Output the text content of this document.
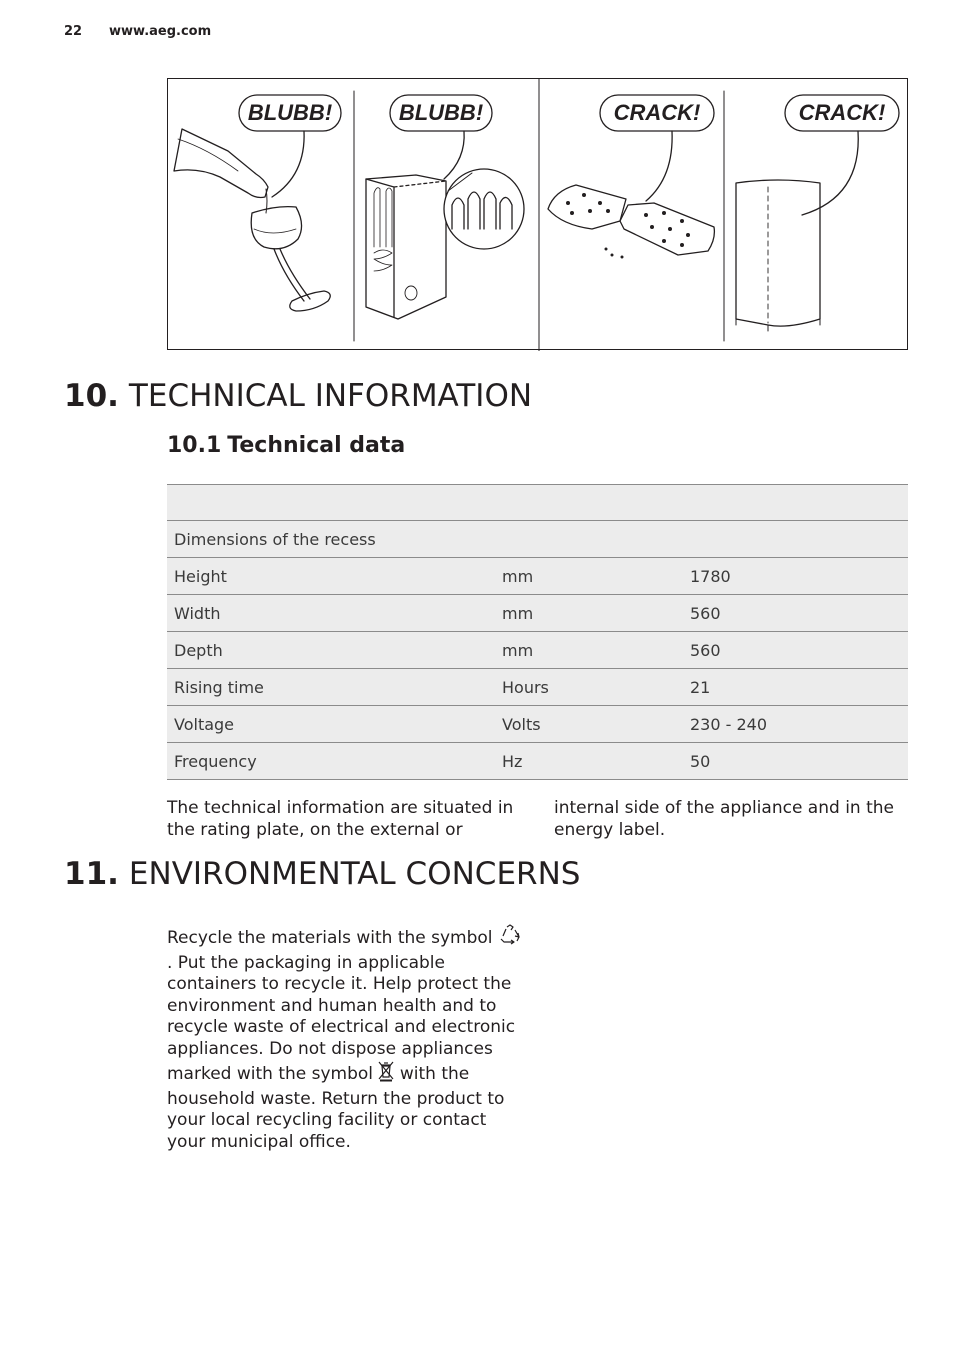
22 www.aeg.com
BLUBB!	BLUBB!	CRACK!	CRACK!
10. TECHNICAL INFORMATION
10.1 Technical data

Dimensions of the recess		
Height	mm	1780
Width	mm	560
Depth	mm	560
Rising time	Hours	21
Voltage	Volts	230 - 240
Frequency	Hz	50

The technical information are situated in the rating plate, on the external or

internal side of the appliance and in the energy label.

11. ENVIRONMENTAL CONCERNS

Recycle the materials with the symbol . Put the packaging in applicable containers to recycle it. Help protect the environment and human health and to recycle waste of electrical and electronic appliances. Do not dispose appliances marked with the symbol with the household waste. Return the product to your local recycling facility or contact your municipal office.
